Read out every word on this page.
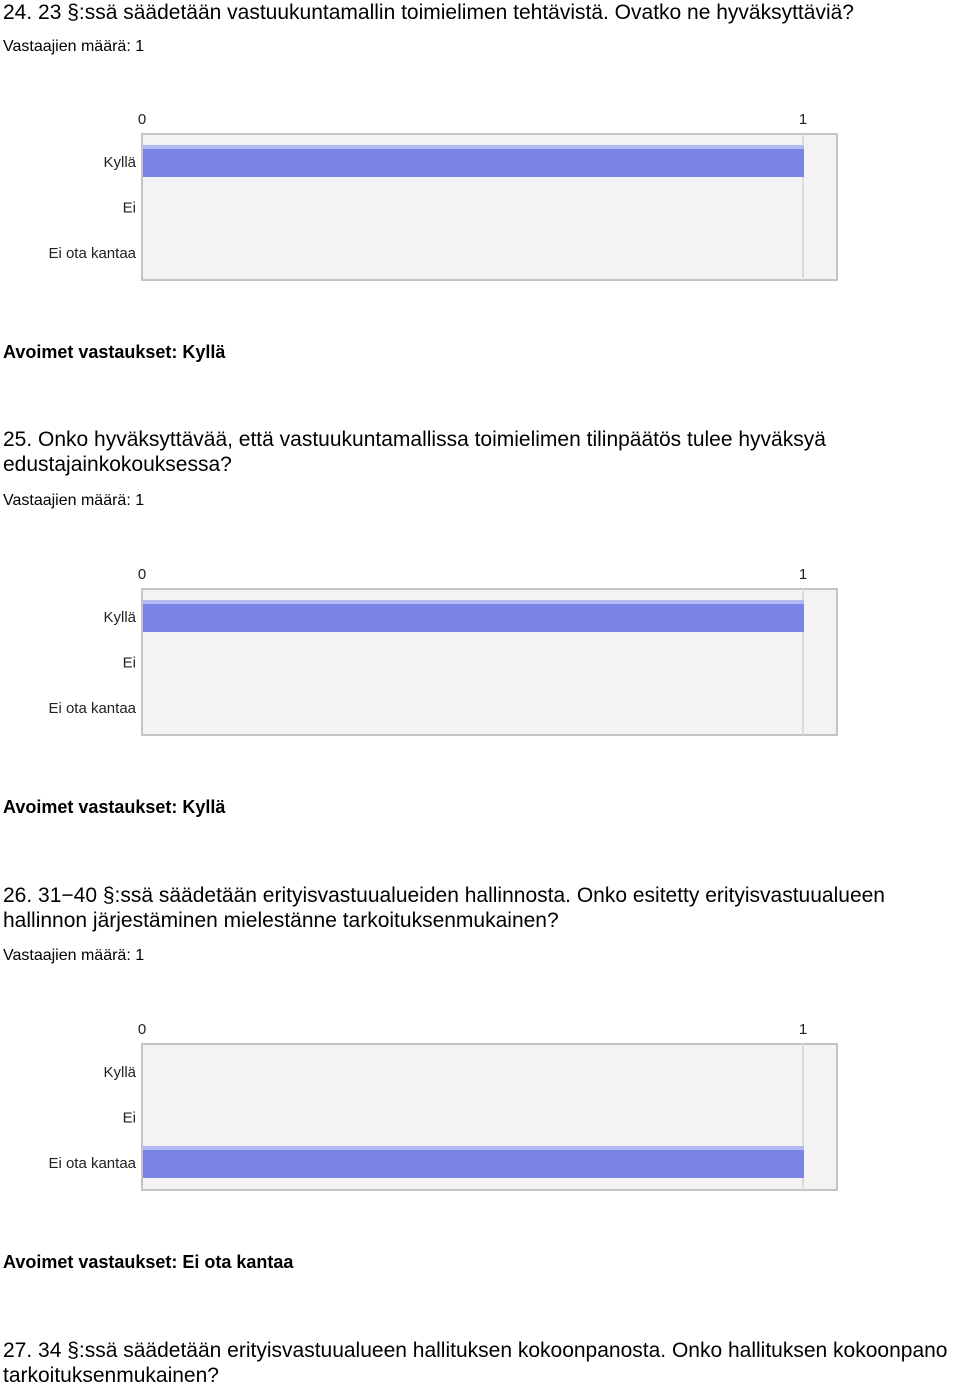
24. 23 §:ssä säädetään vastuukuntamallin toimielimen tehtävistä. Ovatko ne hyväksyttäviä?
Vastaajien määrä: 1
0	1
Kyllä
Ei
Ei ota kantaa
Avoimet vastaukset: Kyllä
25. Onko hyväksyttävää, että vastuukuntamallissa toimielimen tilinpäätös tulee hyväksyä edustajainkokouksessa?
Vastaajien määrä: 1
0	1
Kyllä
Ei
Ei ota kantaa
Avoimet vastaukset: Kyllä
26. 31−40 §:ssä säädetään erityisvastuualueiden hallinnosta. Onko esitetty erityisvastuualueen hallinnon järjestäminen mielestänne tarkoituksenmukainen?
Vastaajien määrä: 1
0	1
Kyllä
Ei
Ei ota kantaa
Avoimet vastaukset: Ei ota kantaa
27. 34 §:ssä säädetään erityisvastuualueen hallituksen kokoonpanosta. Onko hallituksen kokoonpano tarkoituksenmukainen?
